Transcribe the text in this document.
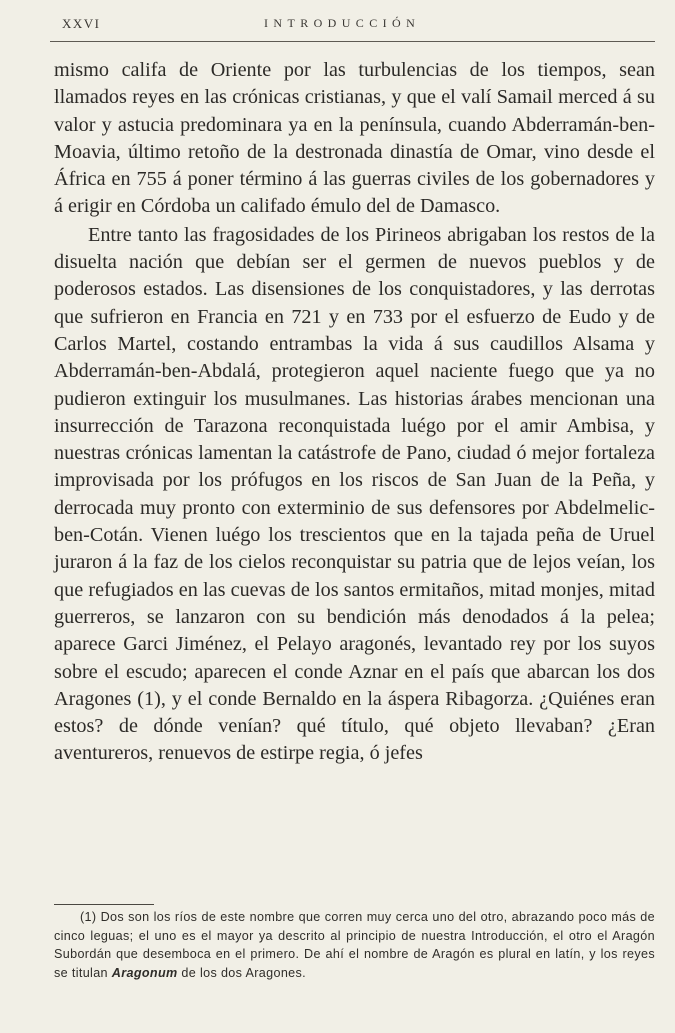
XXVI	INTRODUCCIÓN

mismo califa de Oriente por las turbulencias de los tiempos, sean llamados reyes en las crónicas cristianas, y que el valí Samail merced á su valor y astucia predominara ya en la península, cuando Abderramán-ben-Moavia, último retoño de la destronada dinastía de Omar, vino desde el África en 755 á poner término á las guerras civiles de los gobernadores y á erigir en Córdoba un califado émulo del de Damasco.

Entre tanto las fragosidades de los Pirineos abrigaban los restos de la disuelta nación que debían ser el germen de nuevos pueblos y de poderosos estados. Las disensiones de los conquistadores, y las derrotas que sufrieron en Francia en 721 y en 733 por el esfuerzo de Eudo y de Carlos Martel, costando entrambas la vida á sus caudillos Alsama y Abderramán-ben-Abdalá, protegieron aquel naciente fuego que ya no pudieron extinguir los musulmanes. Las historias árabes mencionan una insurrección de Tarazona reconquistada luégo por el amir Ambisa, y nuestras crónicas lamentan la catástrofe de Pano, ciudad ó mejor fortaleza improvisada por los prófugos en los riscos de San Juan de la Peña, y derrocada muy pronto con exterminio de sus defensores por Abdelmelic-ben-Cotán. Vienen luégo los trescientos que en la tajada peña de Uruel juraron á la faz de los cielos reconquistar su patria que de lejos veían, los que refugiados en las cuevas de los santos ermitaños, mitad monjes, mitad guerreros, se lanzaron con su bendición más denodados á la pelea; aparece Garci Jiménez, el Pelayo aragonés, levantado rey por los suyos sobre el escudo; aparecen el conde Aznar en el país que abarcan los dos Aragones (1), y el conde Bernaldo en la áspera Ribagorza. ¿Quiénes eran estos? de dónde venían? qué título, qué objeto llevaban? ¿Eran aventureros, renuevos de estirpe regia, ó jefes

(1) Dos son los ríos de este nombre que corren muy cerca uno del otro, abrazando poco más de cinco leguas; el uno es el mayor ya descrito al principio de nuestra Introducción, el otro el Aragón Subordán que desemboca en el primero. De ahí el nombre de Aragón es plural en latín, y los reyes se titulan Aragonum de los dos Aragones.
